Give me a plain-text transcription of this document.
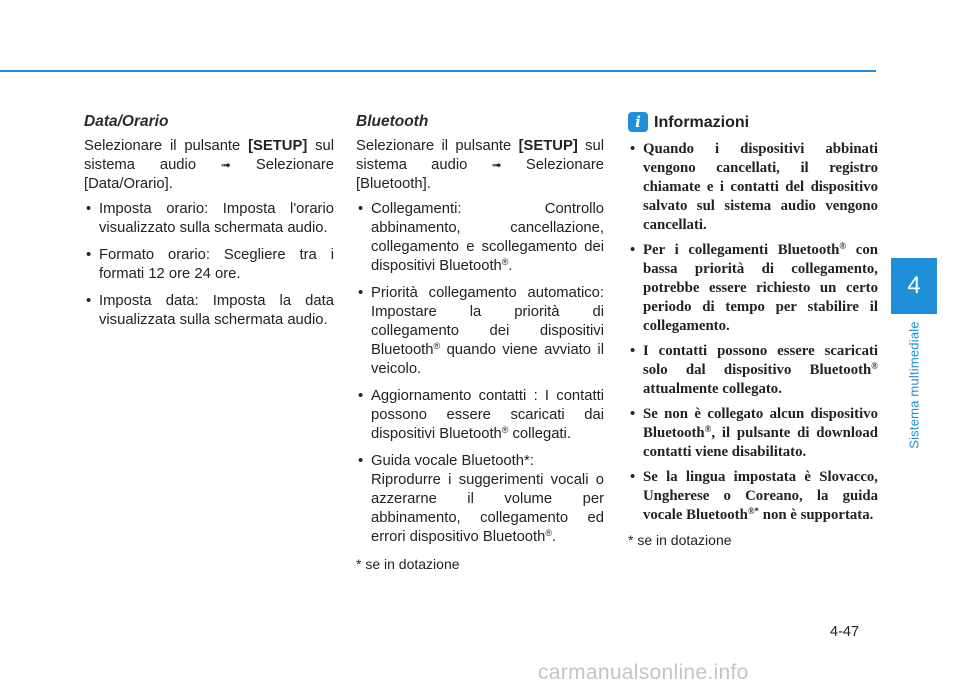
Data/Orario

Selezionare il pulsante [SETUP] sul sistema audio ➟ Selezionare [Data/Orario].

• Imposta orario: Imposta l'orario visualizzato sulla schermata audio.
• Formato orario: Scegliere tra i formati 12 ore 24 ore.
• Imposta data: Imposta la data visualizzata sulla schermata audio.
Bluetooth

Selezionare il pulsante [SETUP] sul sistema audio ➟ Selezionare [Bluetooth].

• Collegamenti: Controllo abbinamento, cancellazione, collegamento e scollegamento dei dispositivi Bluetooth®.
• Priorità collegamento automatico: Impostare la priorità di collegamento dei dispositivi Bluetooth® quando viene avviato il veicolo.
• Aggiornamento contatti : I contatti possono essere scaricati dai dispositivi Bluetooth® collegati.
• Guida vocale Bluetooth*:
Riprodurre i suggerimenti vocali o azzerarne il volume per abbinamento, collegamento ed errori dispositivo Bluetooth®.
* se in dotazione
i Informazioni
• Quando i dispositivi abbinati vengono cancellati, il registro chiamate e i contatti del dispositivo salvato sul sistema audio vengono cancellati.
• Per i collegamenti Bluetooth® con bassa priorità di collegamento, potrebbe essere richiesto un certo periodo di tempo per stabilire il collegamento.
• I contatti possono essere scaricati solo dal dispositivo Bluetooth® attualmente collegato.
• Se non è collegato alcun dispositivo Bluetooth®, il pulsante di download contatti viene disabilitato.
• Se la lingua impostata è Slovacco, Ungherese o Coreano, la guida vocale Bluetooth®* non è supportata.
* se in dotazione
4
Sistema multimediale
4-47
carmanualsonline.info
